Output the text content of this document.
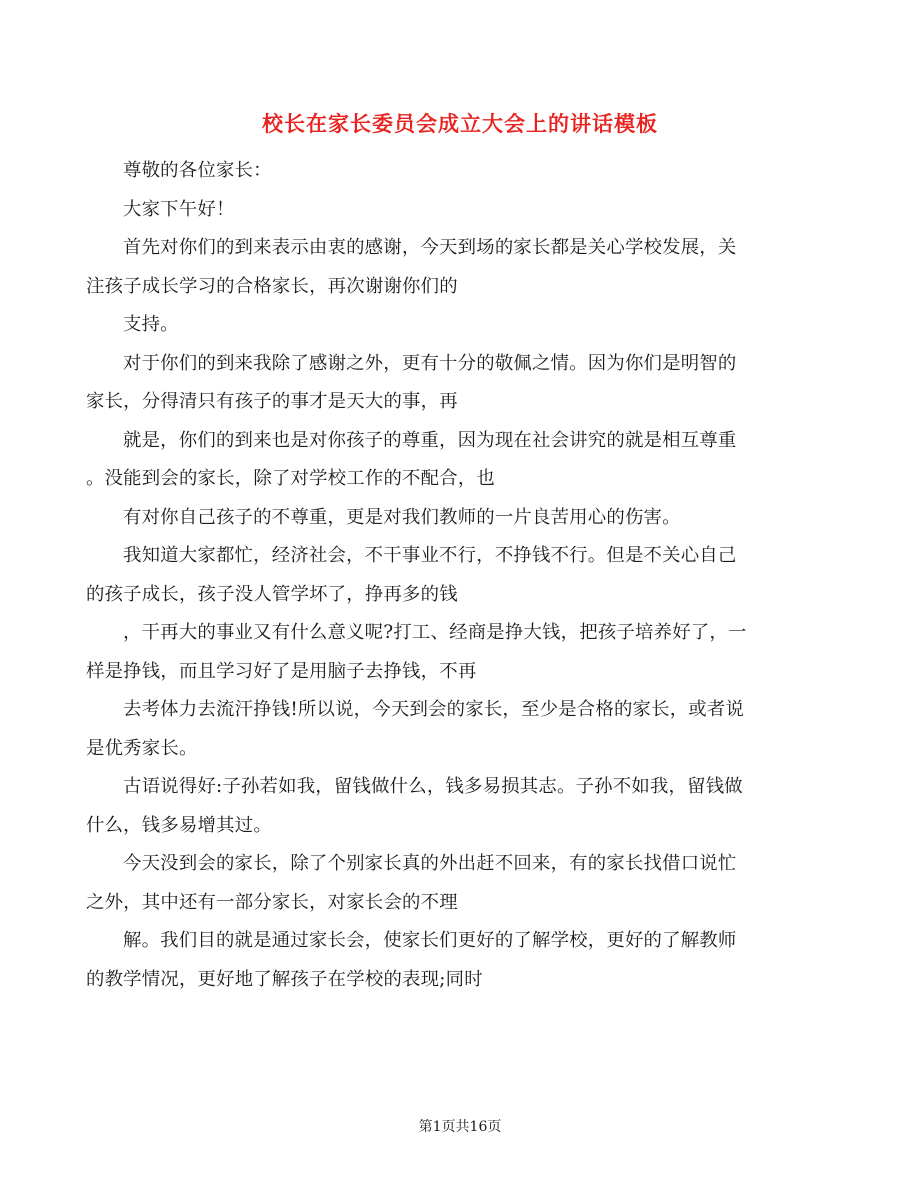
校长在家长委员会成立大会上的讲话模板

尊敬的各位家长：

大家下午好！

首先对你们的到来表示由衷的感谢，今天到场的家长都是关心学校发展，关
注孩子成长学习的合格家长，再次谢谢你们的

支持。

对于你们的到来我除了感谢之外，更有十分的敬佩之情。因为你们是明智的
家长，分得清只有孩子的事才是天大的事，再

就是，你们的到来也是对你孩子的尊重，因为现在社会讲究的就是相互尊重
。没能到会的家长，除了对学校工作的不配合，也

有对你自己孩子的不尊重，更是对我们教师的一片良苦用心的伤害。

我知道大家都忙，经济社会，不干事业不行，不挣钱不行。但是不关心自己
的孩子成长，孩子没人管学坏了，挣再多的钱

，干再大的事业又有什么意义呢?打工、经商是挣大钱，把孩子培养好了，一
样是挣钱，而且学习好了是用脑子去挣钱，不再

去考体力去流汗挣钱!所以说，今天到会的家长，至少是合格的家长，或者说
是优秀家长。

古语说得好:子孙若如我，留钱做什么，钱多易损其志。子孙不如我，留钱做
什么，钱多易增其过。

今天没到会的家长，除了个别家长真的外出赶不回来，有的家长找借口说忙
之外，其中还有一部分家长，对家长会的不理

解。我们目的就是通过家长会，使家长们更好的了解学校，更好的了解教师
的教学情况，更好地了解孩子在学校的表现;同时

第1页共16页
